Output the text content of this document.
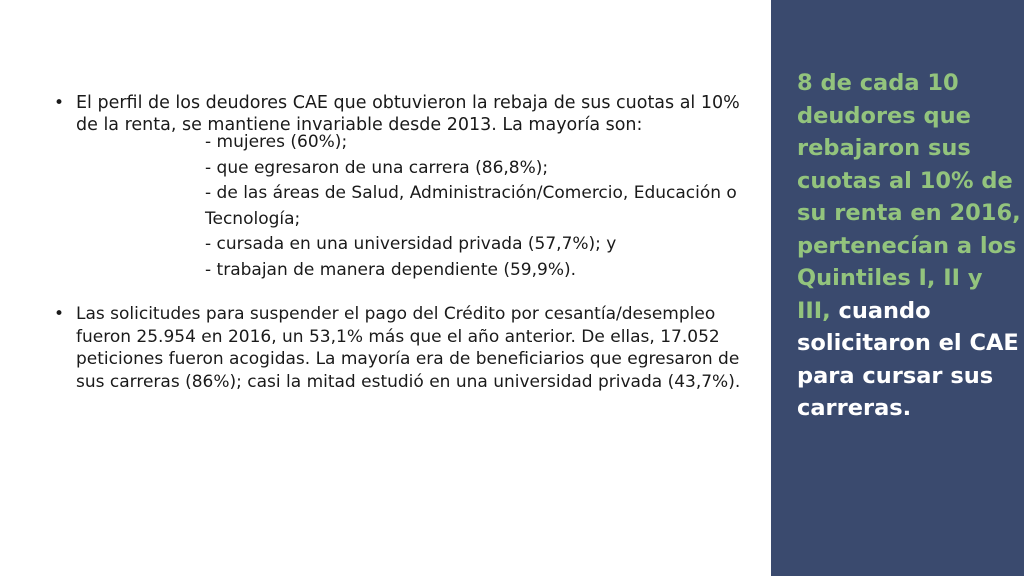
• El perfil de los deudores CAE que obtuvieron la rebaja de sus cuotas al 10% de la renta, se mantiene invariable desde 2013. La mayoría son:
- mujeres (60%);
- que egresaron de una carrera (86,8%);
- de las áreas de Salud, Administración/Comercio, Educación o Tecnología;
- cursada en una universidad privada (57,7%); y
- trabajan de manera dependiente (59,9%).
• Las solicitudes para suspender el pago del Crédito por cesantía/desempleo fueron 25.954 en 2016, un 53,1% más que el año anterior. De ellas, 17.052 peticiones fueron acogidas. La mayoría era de beneficiarios que egresaron de sus carreras (86%); casi la mitad estudió en una universidad privada (43,7%).
8 de cada 10 deudores que rebajaron sus cuotas al 10% de su renta en 2016, pertenecían a los Quintiles I, II y III, cuando solicitaron el CAE para cursar sus carreras.
